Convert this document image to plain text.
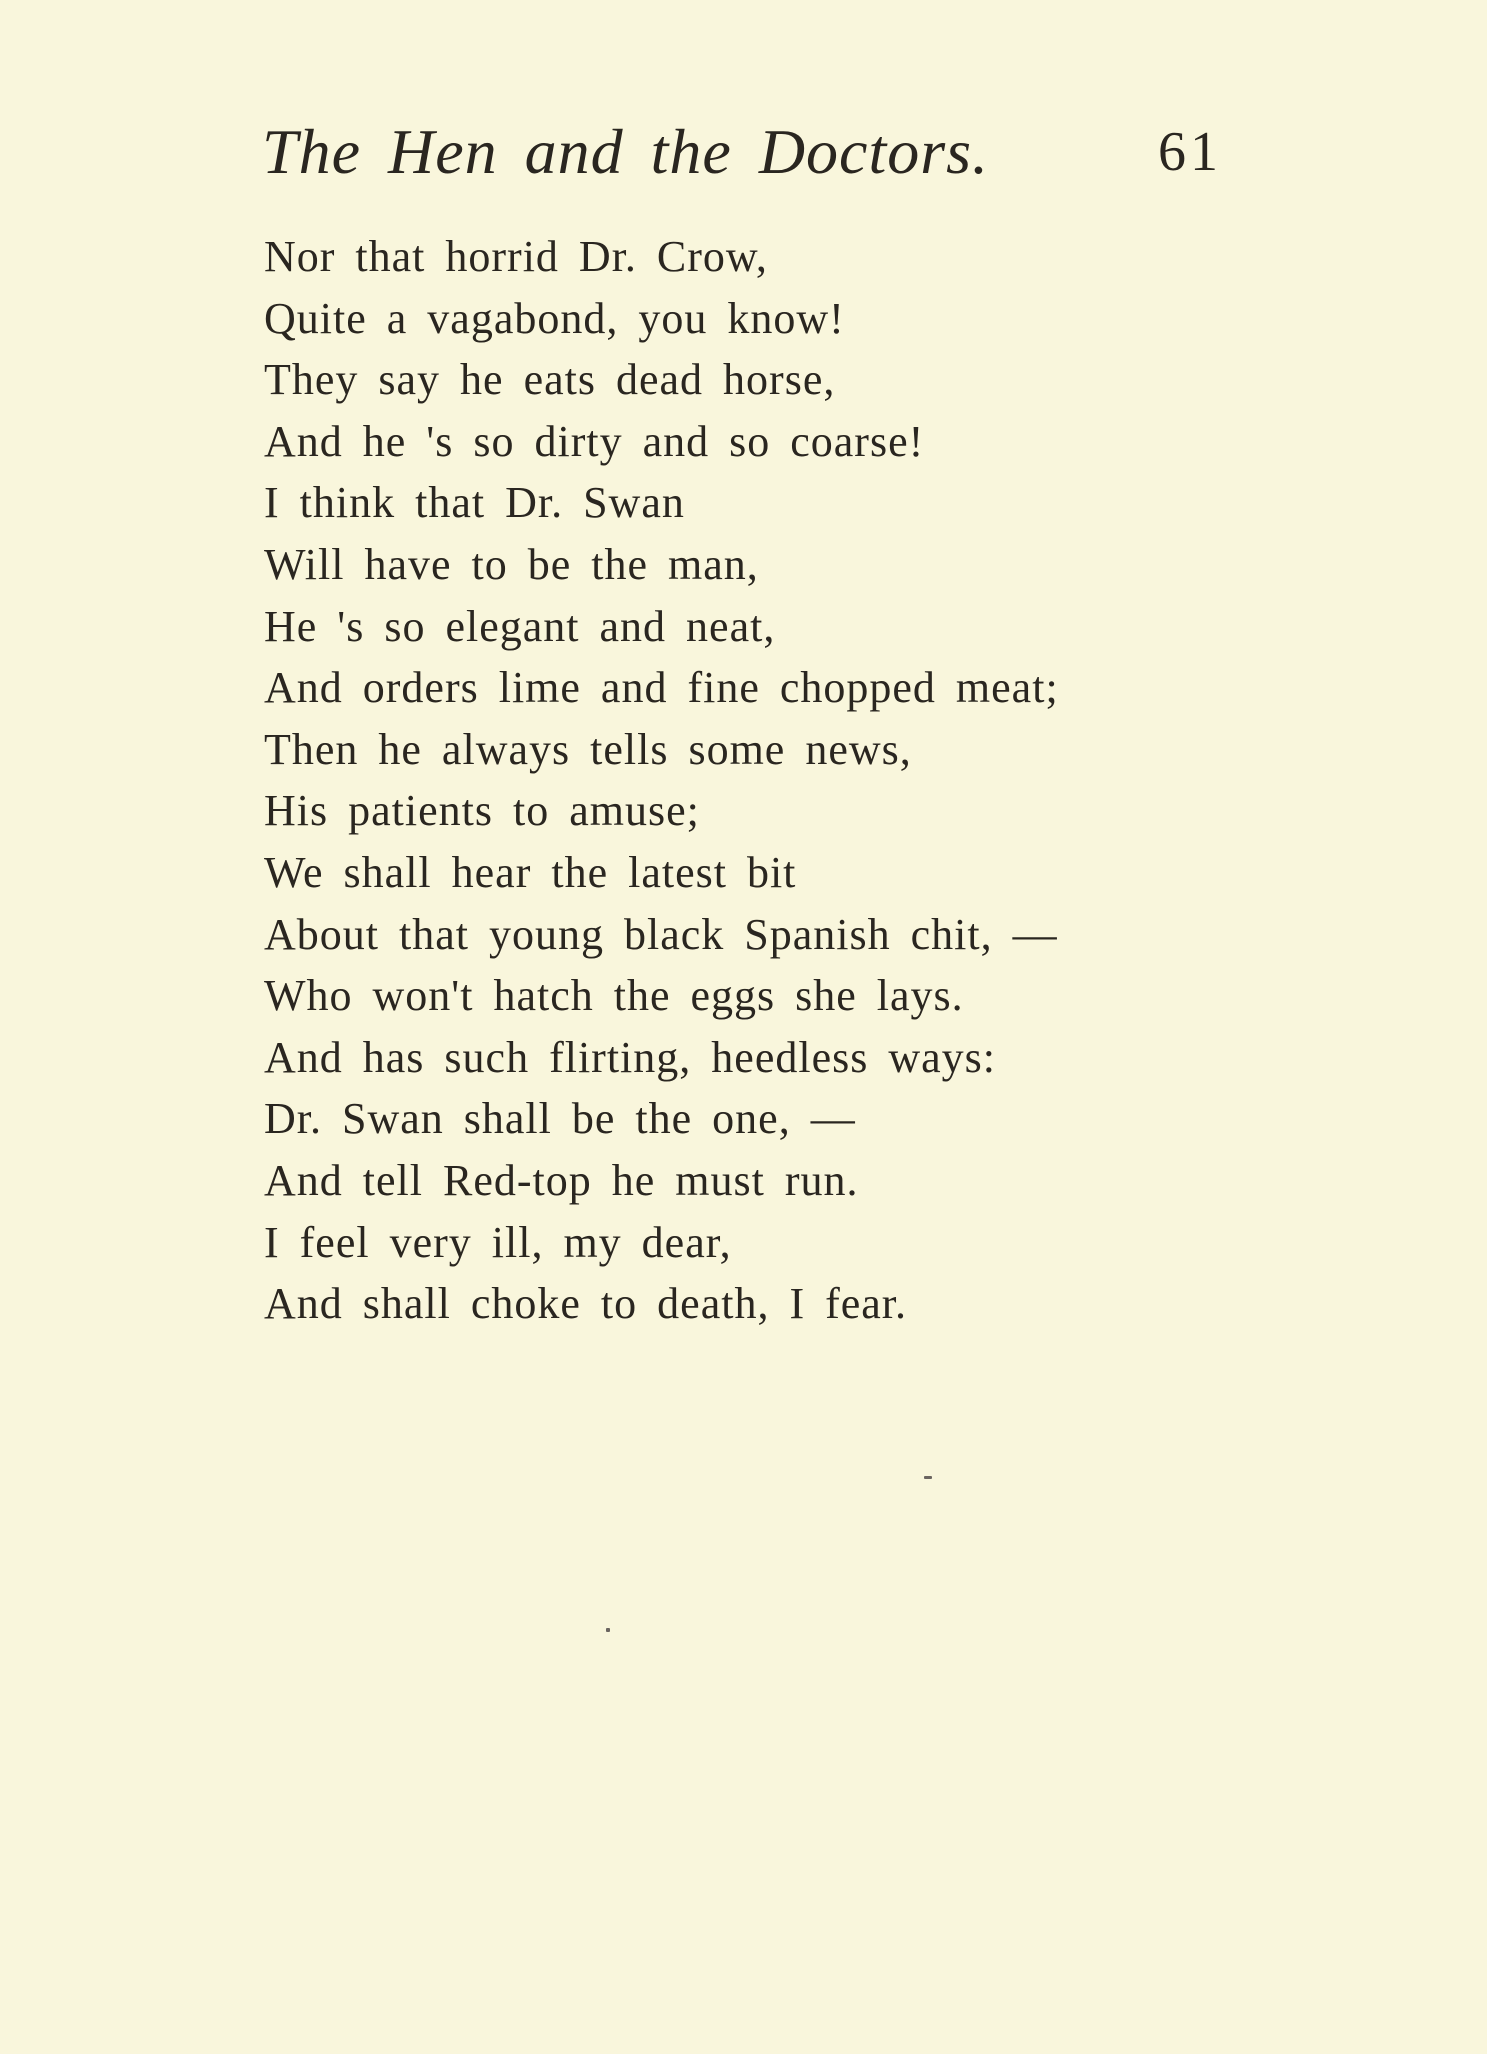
The Hen and the Doctors.	61
Nor that horrid Dr. Crow,
Quite a vagabond, you know!
They say he eats dead horse,
And he 's so dirty and so coarse!
I think that Dr. Swan
Will have to be the man,
He 's so elegant and neat,
And orders lime and fine chopped meat;
Then he always tells some news,
His patients to amuse;
We shall hear the latest bit
About that young black Spanish chit, —
Who won't hatch the eggs she lays.
And has such flirting, heedless ways:
Dr. Swan shall be the one, —
And tell Red-top he must run.
I feel very ill, my dear,
And shall choke to death, I fear.
